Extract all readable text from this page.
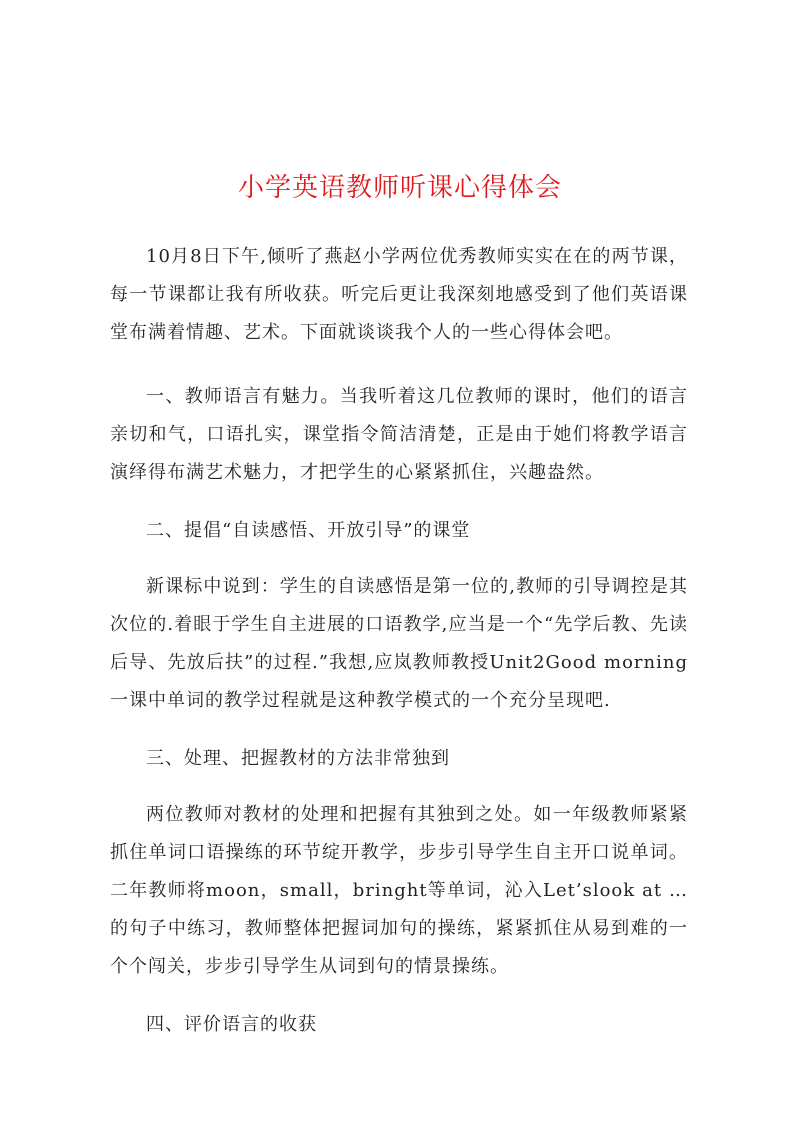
小学英语教师听课心得体会

10月8日下午,倾听了燕赵小学两位优秀教师实实在在的两节课，每一节课都让我有所收获。听完后更让我深刻地感受到了他们英语课堂布满着情趣、艺术。下面就谈谈我个人的一些心得体会吧。

一、教师语言有魅力。当我听着这几位教师的课时，他们的语言亲切和气，口语扎实，课堂指令简洁清楚，正是由于她们将教学语言演绎得布满艺术魅力，才把学生的心紧紧抓住，兴趣盎然。

二、提倡“自读感悟、开放引导”的课堂

新课标中说到：学生的自读感悟是第一位的,教师的引导调控是其次位的.着眼于学生自主进展的口语教学,应当是一个“先学后教、先读后导、先放后扶”的过程.”我想,应岚教师教授Unit2Good morning一课中单词的教学过程就是这种教学模式的一个充分呈现吧.

三、处理、把握教材的方法非常独到

两位教师对教材的处理和把握有其独到之处。如一年级教师紧紧抓住单词口语操练的环节绽开教学，步步引导学生自主开口说单词。二年教师将moon，small，bringht等单词，沁入Let’slook at …的句子中练习，教师整体把握词加句的操练，紧紧抓住从易到难的一个个闯关，步步引导学生从词到句的情景操练。

四、评价语言的收获
